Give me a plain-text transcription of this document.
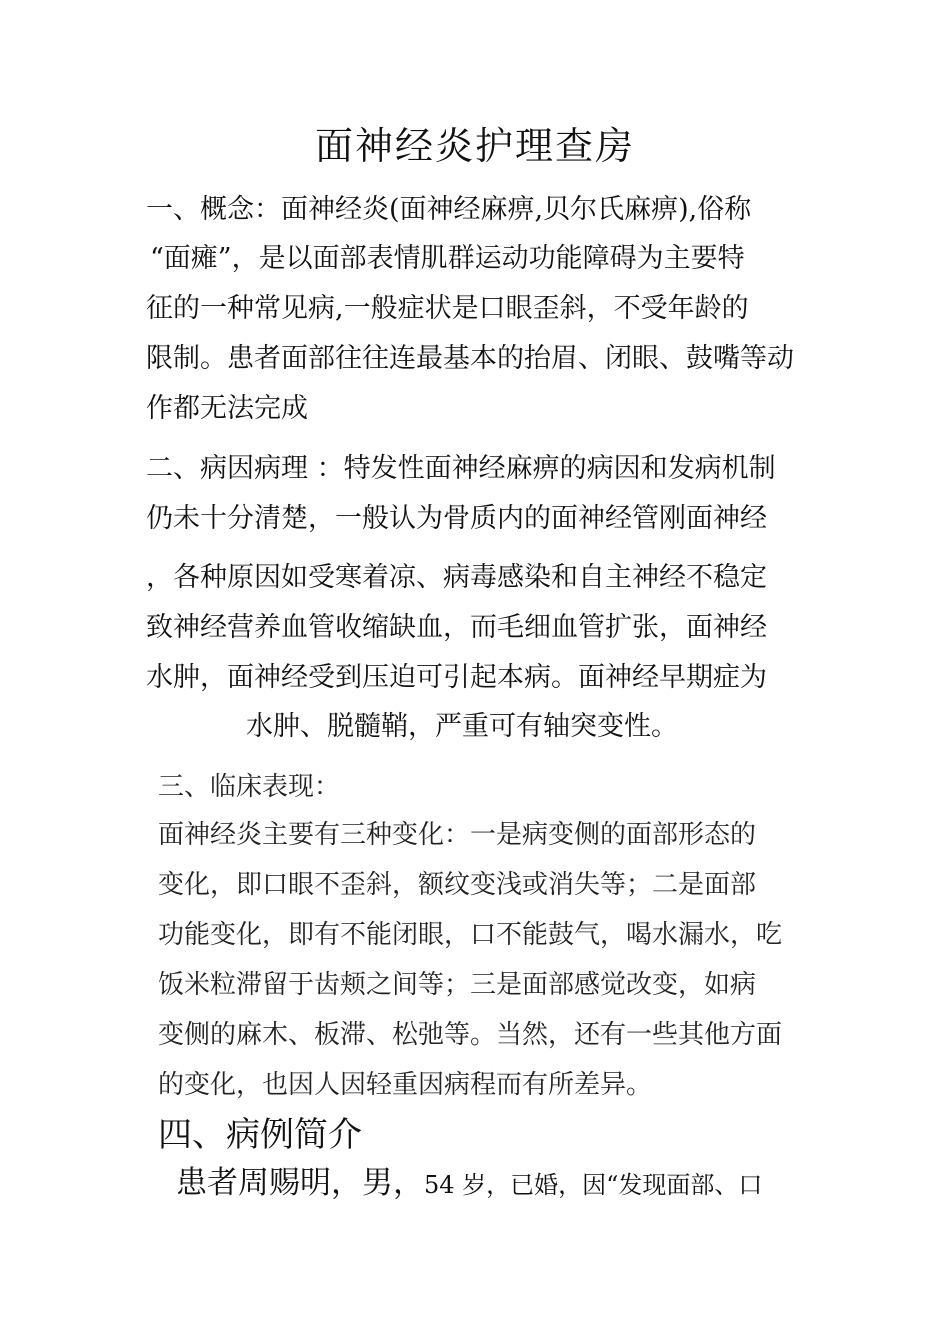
面神经炎护理查房
一、概念：面神经炎(面神经麻痹,贝尔氏麻痹),俗称
“面瘫”，是以面部表情肌群运动功能障碍为主要特
征的一种常见病,一般症状是口眼歪斜，不受年龄的
限制。患者面部往往连最基本的抬眉、闭眼、鼓嘴等动
作都无法完成
二、病因病理 ：特发性面神经麻痹的病因和发病机制
仍未十分清楚，一般认为骨质内的面神经管刚面神经
，各种原因如受寒着凉、病毒感染和自主神经不稳定
致神经营养血管收缩缺血，而毛细血管扩张，面神经
水肿，面神经受到压迫可引起本病。面神经早期症为
水肿、脱髓鞘，严重可有轴突变性。
三、临床表现：
面神经炎主要有三种变化：一是病变侧的面部形态的
变化，即口眼不歪斜，额纹变浅或消失等；二是面部
功能变化，即有不能闭眼，口不能鼓气，喝水漏水，吃
饭米粒滞留于齿颊之间等；三是面部感觉改变，如病
变侧的麻木、板滞、松弛等。当然，还有一些其他方面
的变化，也因人因轻重因病程而有所差异。
四、病例简介
患者周赐明，男，54 岁，已婚，因“发现面部、口
